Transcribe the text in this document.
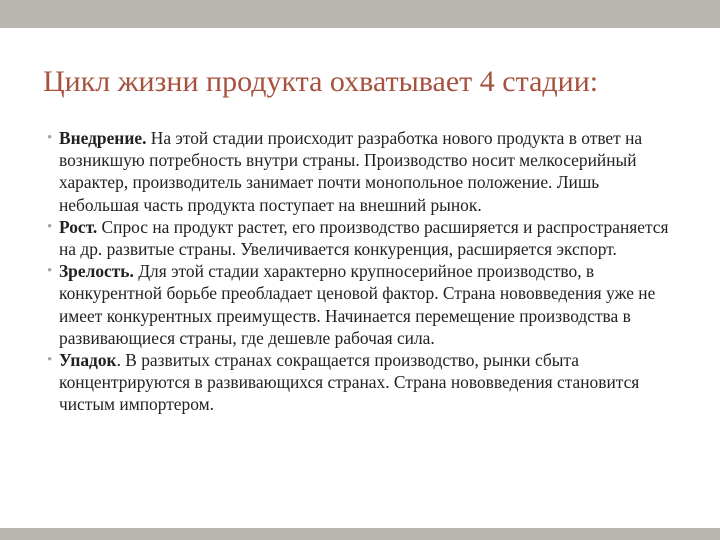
Цикл жизни продукта охватывает 4 стадии:
• Внедрение. На этой стадии происходит разработка нового продукта в ответ на возникшую потребность внутри страны. Производство носит мелкосерийный характер, производитель занимает почти монопольное положение. Лишь небольшая часть продукта поступает на внешний рынок.
• Рост. Спрос на продукт растет, его производство расширяется и распространяется на др. развитые страны. Увеличивается конкуренция, расширяется экспорт.
• Зрелость. Для этой стадии характерно крупносерийное производство, в конкурентной борьбе преобладает ценовой фактор. Страна нововведения уже не имеет конкурентных преимуществ. Начинается перемещение производства в развивающиеся страны, где дешевле рабочая сила.
• Упадок. В развитых странах сокращается производство, рынки сбыта концентрируются в развивающихся странах. Страна нововведения становится чистым импортером.
